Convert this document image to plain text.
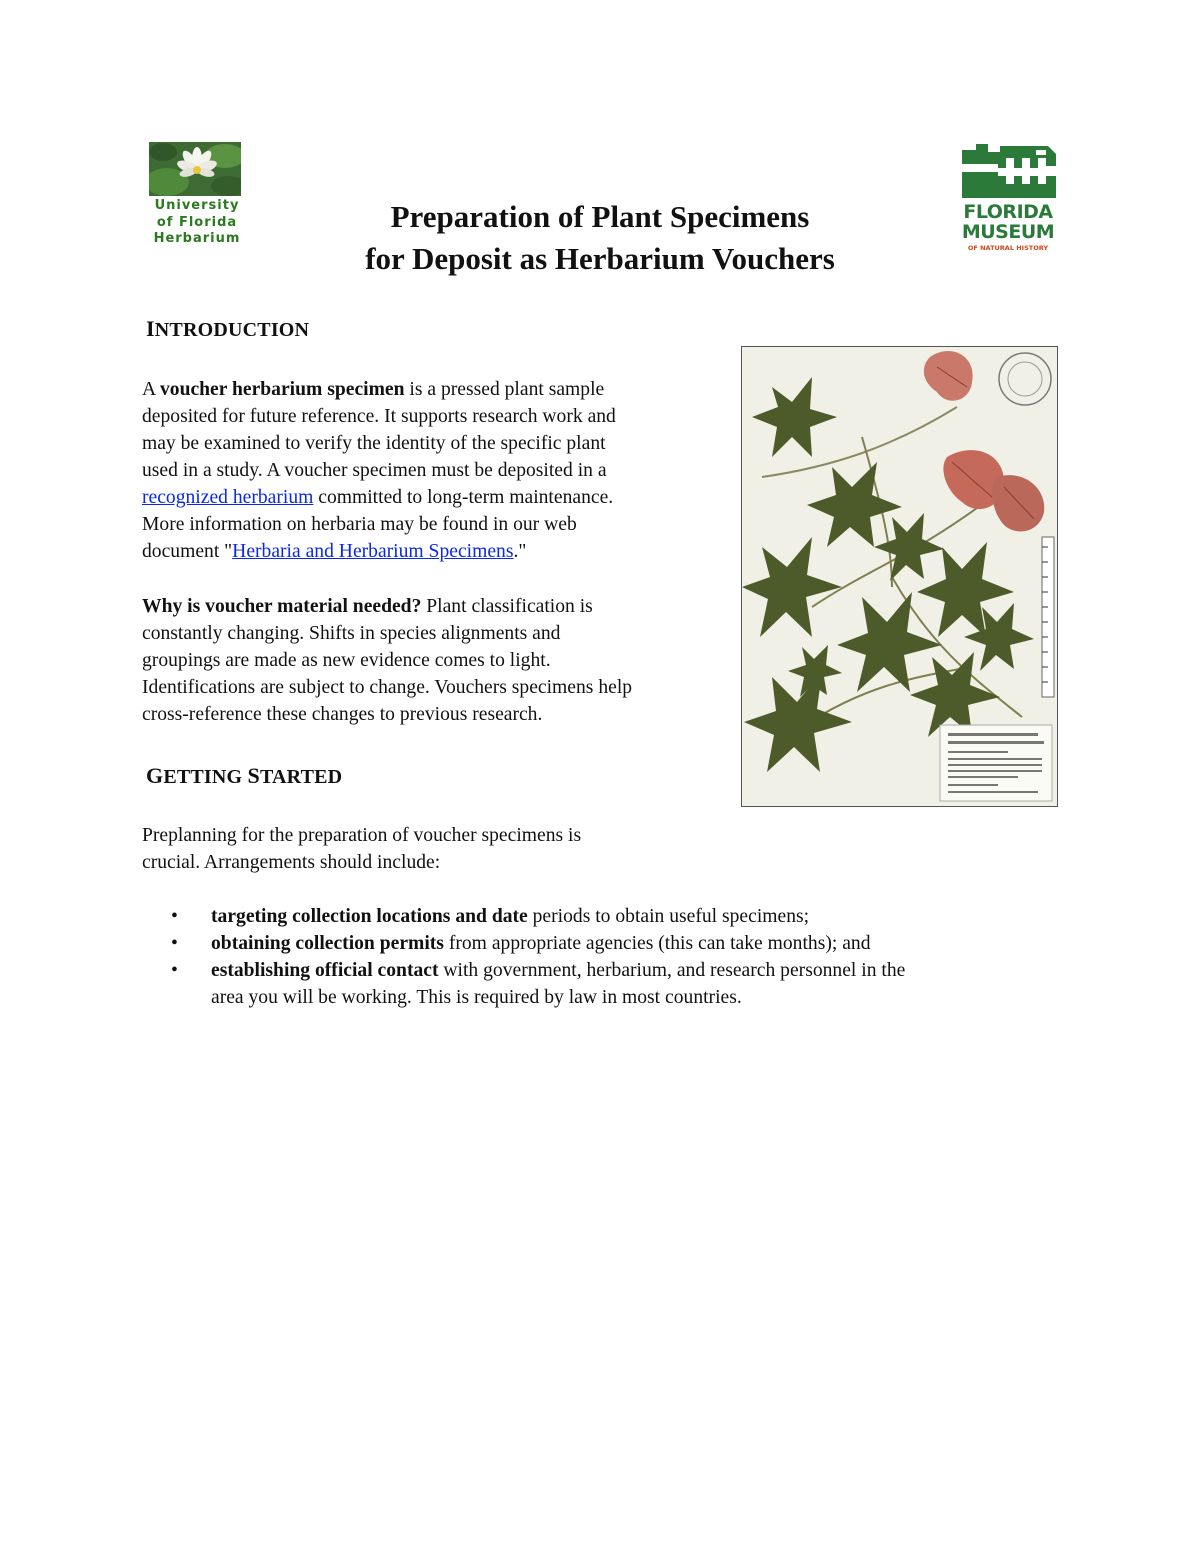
University
of Florida
Herbarium
FLORIDA
MUSEUM
OF NATURAL HISTORY
Preparation of Plant Specimens
for Deposit as Herbarium Vouchers
INTRODUCTION
A voucher herbarium specimen is a pressed plant sample
deposited for future reference. It supports research work and
may be examined to verify the identity of the specific plant
used in a study. A voucher specimen must be deposited in a
recognized herbarium committed to long-term maintenance.
More information on herbaria may be found in our web
document "Herbaria and Herbarium Specimens."
Why is voucher material needed? Plant classification is
constantly changing. Shifts in species alignments and
groupings are made as new evidence comes to light.
Identifications are subject to change. Vouchers specimens help
cross-reference these changes to previous research.
GETTING STARTED
Preplanning for the preparation of voucher specimens is
crucial. Arrangements should include:
• targeting collection locations and date periods to obtain useful specimens;
• obtaining collection permits from appropriate agencies (this can take months); and
• establishing official contact with government, herbarium, and research personnel in the
area you will be working. This is required by law in most countries.
